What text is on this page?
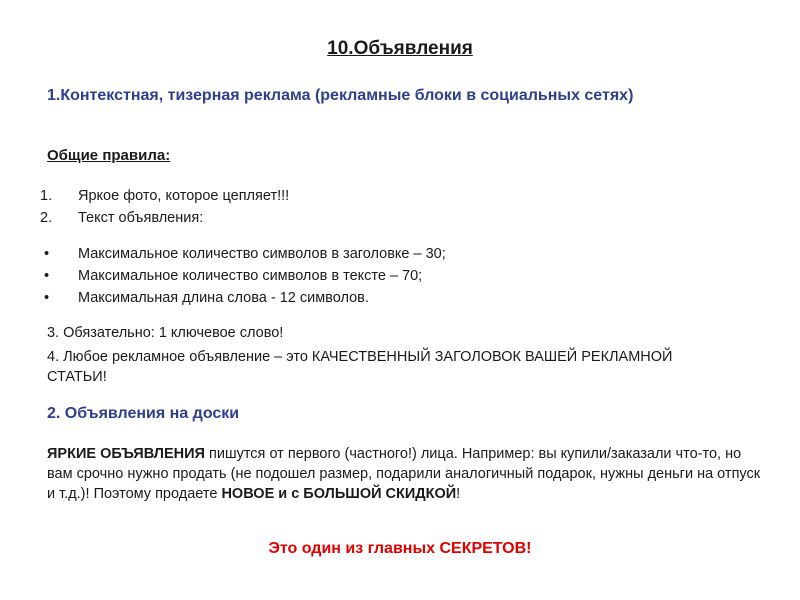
10.Объявления
1.Контекстная, тизерная реклама (рекламные блоки в социальных сетях)
Общие правила:
1.	Яркое фото, которое цепляет!!!
2.	Текст объявления:
•	Максимальное количество символов в заголовке – 30;
•	Максимальное количество символов в тексте – 70;
•	Максимальная длина слова - 12 символов.
3. Обязательно: 1 ключевое слово!
4. Любое рекламное объявление – это КАЧЕСТВЕННЫЙ ЗАГОЛОВОК ВАШЕЙ РЕКЛАМНОЙ СТАТЬИ!
2. Объявления на доски
ЯРКИЕ ОБЪЯВЛЕНИЯ пишутся от первого (частного!) лица. Например: вы купили/заказали что-то, но вам срочно нужно продать (не подошел размер, подарили аналогичный подарок, нужны деньги на отпуск и т.д.)! Поэтому продаете НОВОЕ и с БОЛЬШОЙ СКИДКОЙ!
Это один из главных СЕКРЕТОВ!
